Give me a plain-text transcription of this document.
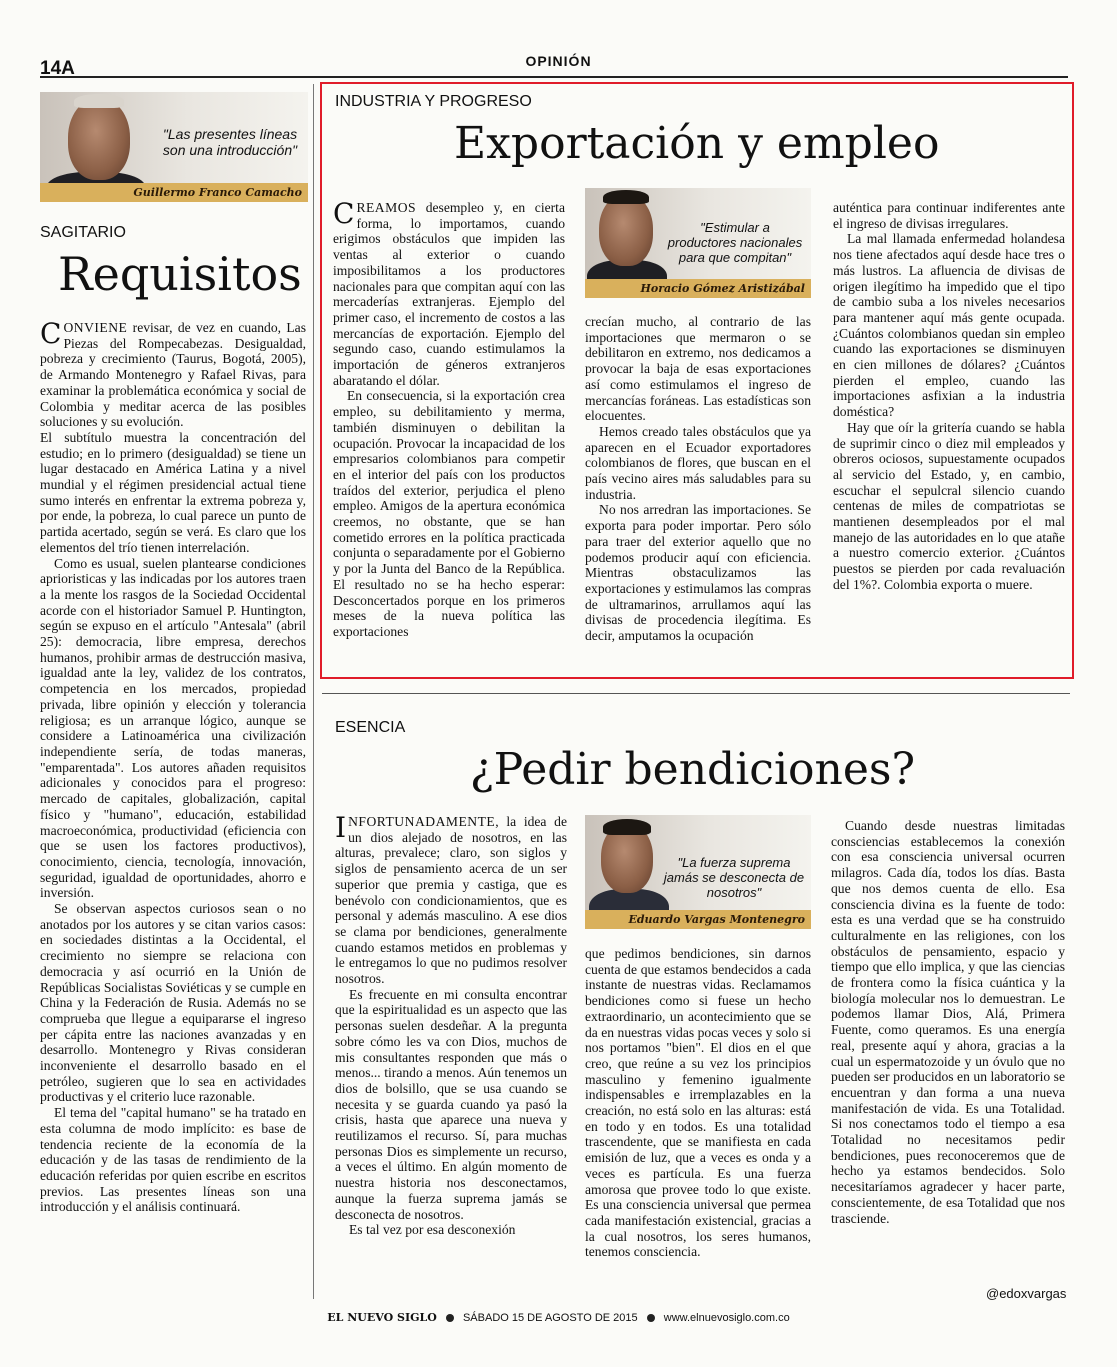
14A	OPINIÓN
"Las presentes líneas son una introducción"
Guillermo Franco Camacho
SAGITARIO
Requisitos

CONVIENE revisar, de vez en cuando, Las Piezas del Rompecabezas. Desigualdad, pobreza y crecimiento (Taurus, Bogotá, 2005), de Armando Montenegro y Rafael Rivas, para examinar la problemática económica y social de Colombia y meditar acerca de las posibles soluciones y su evolución.

El subtítulo muestra la concentración del estudio; en lo primero (desigualdad) se tiene un lugar destacado en América Latina y a nivel mundial y el régimen presidencial actual tiene sumo interés en enfrentar la extrema pobreza y, por ende, la pobreza, lo cual parece un punto de partida acertado, según se verá. Es claro que los elementos del trío tienen interrelación.

Como es usual, suelen plantearse condiciones aprioristicas y las indicadas por los autores traen a la mente los rasgos de la Sociedad Occidental acorde con el historiador Samuel P. Huntington, según se expuso en el artículo "Antesala" (abril 25): democracia, libre empresa, derechos humanos, prohibir armas de destrucción masiva, igualdad ante la ley, validez de los contratos, competencia en los mercados, propiedad privada, libre opinión y elección y tolerancia religiosa; es un arranque lógico, aunque se considere a Latinoamérica una civilización independiente sería, de todas maneras, "emparentada". Los autores añaden requisitos adicionales y conocidos para el progreso: mercado de capitales, globalización, capital físico y "humano", educación, estabilidad macroeconómica, productividad (eficiencia con que se usen los factores productivos), conocimiento, ciencia, tecnología, innovación, seguridad, igualdad de oportunidades, ahorro e inversión.

Se observan aspectos curiosos sean o no anotados por los autores y se citan varios casos: en sociedades distintas a la Occidental, el crecimiento no siempre se relaciona con democracia y así ocurrió en la Unión de Repúblicas Socialistas Soviéticas y se cumple en China y la Federación de Rusia. Además no se comprueba que llegue a equipararse el ingreso per cápita entre las naciones avanzadas y en desarrollo. Montenegro y Rivas consideran inconveniente el desarrollo basado en el petróleo, sugieren que lo sea en actividades productivas y el criterio luce razonable.

El tema del "capital humano" se ha tratado en esta columna de modo implícito: es base de tendencia reciente de la economía de la educación y de las tasas de rendimiento de la educación referidas por quien escribe en escritos previos. Las presentes líneas son una introducción y el análisis continuará.

INDUSTRIA Y PROGRESO
Exportación y empleo

CREAMOS desempleo y, en cierta forma, lo importamos, cuando erigimos obstáculos que impiden las ventas al exterior o cuando imposibilitamos a los productores nacionales para que compitan aquí con las mercaderías extranjeras. Ejemplo del primer caso, el incremento de costos a las mercancías de exportación. Ejemplo del segundo caso, cuando estimulamos la importación de géneros extranjeros abaratando el dólar.

En consecuencia, si la exportación crea empleo, su debilitamiento y merma, también disminuyen o debilitan la ocupación. Provocar la incapacidad de los empresarios colombianos para competir en el interior del país con los productos traídos del exterior, perjudica el pleno empleo. Amigos de la apertura económica creemos, no obstante, que se han cometido errores en la política practicada conjunta o separadamente por el Gobierno y por la Junta del Banco de la República. El resultado no se ha hecho esperar: Desconcertados porque en los primeros meses de la nueva política las exportaciones

"Estimular a productores nacionales para que compitan"
Horacio Gómez Aristizábal

crecían mucho, al contrario de las importaciones que mermaron o se debilitaron en extremo, nos dedicamos a provocar la baja de esas exportaciones así como estimulamos el ingreso de mercancías foráneas. Las estadísticas son elocuentes.

Hemos creado tales obstáculos que ya aparecen en el Ecuador exportadores colombianos de flores, que buscan en el país vecino aires más saludables para su industria.

No nos arredran las importaciones. Se exporta para poder importar. Pero sólo para traer del exterior aquello que no podemos producir aquí con eficiencia. Mientras obstaculizamos las exportaciones y estimulamos las compras de ultramarinos, arrullamos aquí las divisas de procedencia ilegítima. Es decir, amputamos la ocupación

auténtica para continuar indiferentes ante el ingreso de divisas irregulares.

La mal llamada enfermedad holandesa nos tiene afectados aquí desde hace tres o más lustros. La afluencia de divisas de origen ilegítimo ha impedido que el tipo de cambio suba a los niveles necesarios para mantener aquí más gente ocupada. ¿Cuántos colombianos quedan sin empleo cuando las exportaciones se disminuyen en cien millones de dólares? ¿Cuántos pierden el empleo, cuando las importaciones asfixian a la industria doméstica?

Hay que oír la gritería cuando se habla de suprimir cinco o diez mil empleados y obreros ociosos, supuestamente ocupados al servicio del Estado, y, en cambio, escuchar el sepulcral silencio cuando centenas de miles de compatriotas se mantienen desempleados por el mal manejo de las autoridades en lo que atañe a nuestro comercio exterior. ¿Cuántos puestos se pierden por cada revaluación del 1%?. Colombia exporta o muere.

ESENCIA
¿Pedir bendiciones?

INFORTUNADAMENTE, la idea de un dios alejado de nosotros, en las alturas, prevalece; claro, son siglos y siglos de pensamiento acerca de un ser superior que premia y castiga, que es benévolo con condicionamientos, que es personal y además masculino. A ese dios se clama por bendiciones, generalmente cuando estamos metidos en problemas y le entregamos lo que no pudimos resolver nosotros.

Es frecuente en mi consulta encontrar que la espiritualidad es un aspecto que las personas suelen desdeñar. A la pregunta sobre cómo les va con Dios, muchos de mis consultantes responden que más o menos... tirando a menos. Aún tenemos un dios de bolsillo, que se usa cuando se necesita y se guarda cuando ya pasó la crisis, hasta que aparece una nueva y reutilizamos el recurso. Sí, para muchas personas Dios es simplemente un recurso, a veces el último. En algún momento de nuestra historia nos desconectamos, aunque la fuerza suprema jamás se desconecta de nosotros.

Es tal vez por esa desconexión

"La fuerza suprema jamás se desconecta de nosotros"
Eduardo Vargas Montenegro

que pedimos bendiciones, sin darnos cuenta de que estamos bendecidos a cada instante de nuestras vidas. Reclamamos bendiciones como si fuese un hecho extraordinario, un acontecimiento que se da en nuestras vidas pocas veces y solo si nos portamos "bien". El dios en el que creo, que reúne a su vez los principios masculino y femenino igualmente indispensables e irremplazables en la creación, no está solo en las alturas: está en todo y en todos. Es una totalidad trascendente, que se manifiesta en cada emisión de luz, que a veces es onda y a veces es partícula. Es una fuerza amorosa que provee todo lo que existe. Es una consciencia universal que permea cada manifestación existencial, gracias a la cual nosotros, los seres humanos, tenemos consciencia.

Cuando desde nuestras limitadas consciencias establecemos la conexión con esa consciencia universal ocurren milagros. Cada día, todos los días. Basta que nos demos cuenta de ello. Esa consciencia divina es la fuente de todo: esta es una verdad que se ha construido culturalmente en las religiones, con los obstáculos de pensamiento, espacio y tiempo que ello implica, y que las ciencias de frontera como la física cuántica y la biología molecular nos lo demuestran. Le podemos llamar Dios, Alá, Primera Fuente, como queramos. Es una energía real, presente aquí y ahora, gracias a la cual un espermatozoide y un óvulo que no pueden ser producidos en un laboratorio se encuentran y dan forma a una nueva manifestación de vida. Es una Totalidad. Si nos conectamos todo el tiempo a esa Totalidad no necesitamos pedir bendiciones, pues reconoceremos que de hecho ya estamos bendecidos. Solo necesitaríamos agradecer y hacer parte, conscientemente, de esa Totalidad que nos trasciende.

@edoxvargas
EL NUEVO SIGLO SÁBADO 15 DE AGOSTO DE 2015 www.elnuevosiglo.com.co
